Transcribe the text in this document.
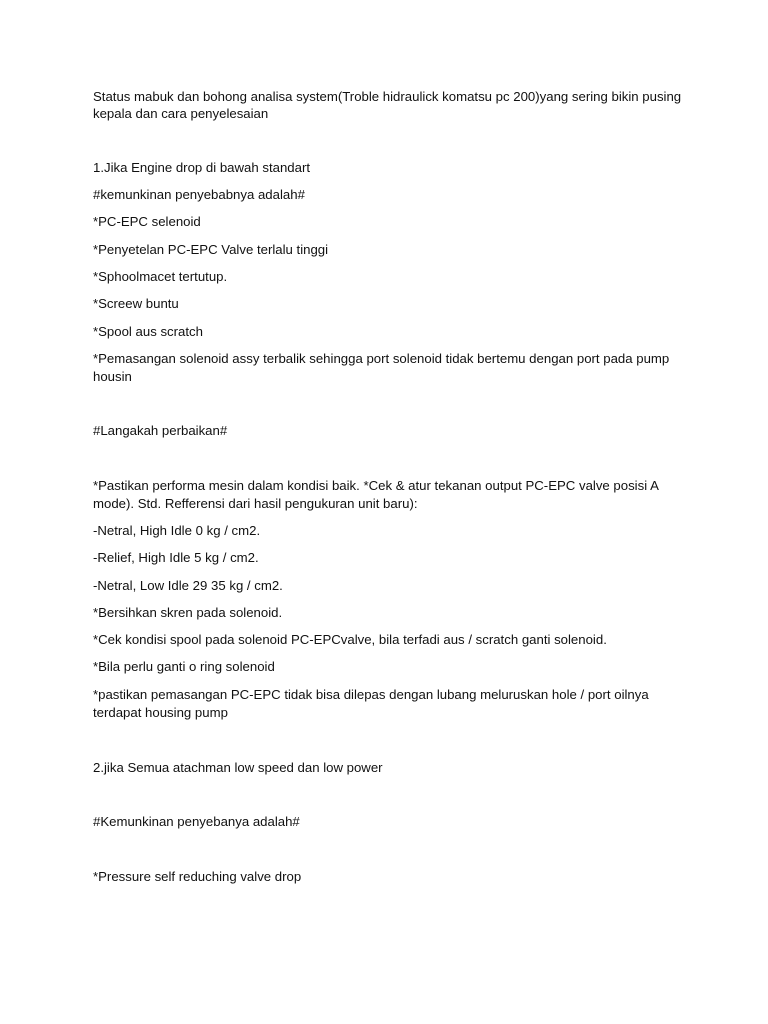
Status mabuk dan bohong analisa system(Troble hidraulick komatsu pc 200)yang sering bikin pusing

kepala dan cara penyelesaian

1.Jika Engine drop di bawah standart

#kemunkinan penyebabnya adalah#

*PC-EPC selenoid

*Penyetelan PC-EPC Valve terlalu tinggi

*Sphoolmacet tertutup.

*Screew buntu

*Spool aus scratch

*Pemasangan solenoid assy terbalik sehingga port solenoid tidak bertemu dengan port pada pump

housin

#Langakah perbaikan#

*Pastikan performa mesin dalam kondisi baik. *Cek & atur tekanan output PC-EPC valve posisi A

mode). Std. Refferensi dari hasil pengukuran unit baru):

-Netral, High Idle 0 kg / cm2.

-Relief, High Idle 5 kg / cm2.

-Netral, Low Idle 29 35 kg / cm2.

*Bersihkan skren pada solenoid.

*Cek kondisi spool pada solenoid PC-EPCvalve, bila terfadi aus / scratch ganti solenoid.

*Bila perlu ganti o ring solenoid

*pastikan pemasangan PC-EPC tidak bisa dilepas dengan lubang meluruskan hole / port oilnya

terdapat housing pump

2.jika Semua atachman low speed dan low power

#Kemunkinan penyebanya adalah#

*Pressure self reduching valve drop
